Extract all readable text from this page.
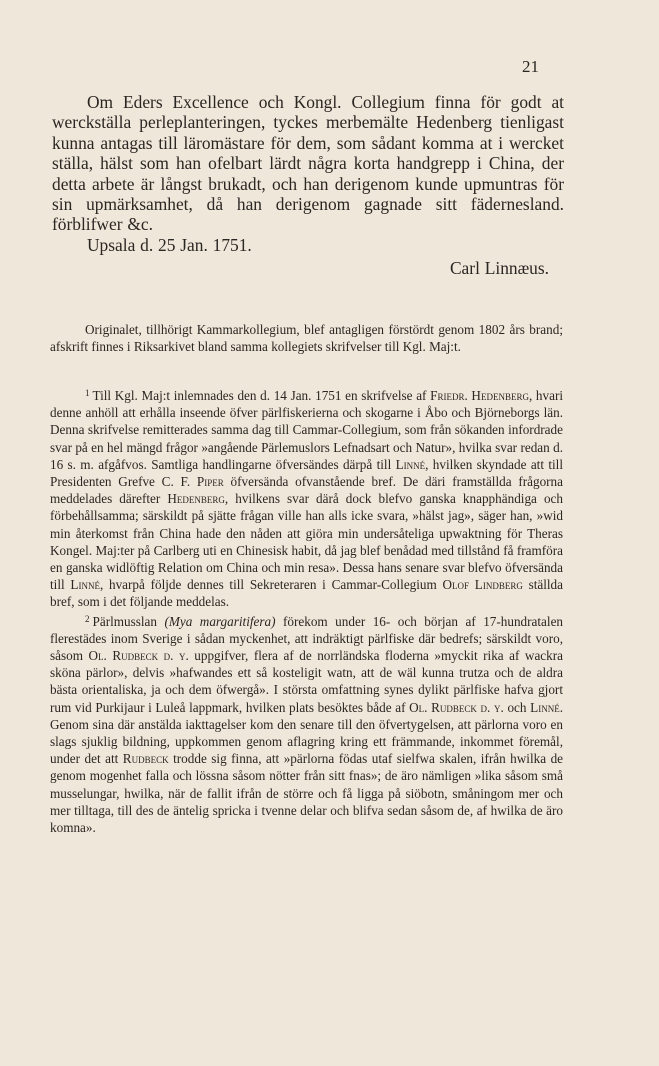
21

Om Eders Excellence och Kongl. Collegium finna för godt at werckställa perleplanteringen, tyckes merbemälte Hedenberg tienligast kunna antagas till läromästare för dem, som sådant komma at i wercket ställa, hälst som han ofelbart lärdt några korta handgrepp i China, der detta arbete är långst brukadt, och han derigenom kunde upmuntras för sin upmärksamhet, då han derigenom gagnade sitt fädernesland. förblifwer &c.

Upsala d. 25 Jan. 1751.

Carl Linnæus.

Originalet, tillhörigt Kammarkollegium, blef antagligen förstördt genom 1802 års brand; afskrift finnes i Riksarkivet bland samma kollegiets skrifvelser till Kgl. Maj:t.

$^1$ Till Kgl. Maj:t inlemnades den d. 14 Jan. 1751 en skrifvelse af Friedr. Hedenberg, hvari denne anhöll att erhålla inseende öfver pärlfiskerierna och skogarne i Åbo och Björneborgs län. Denna skrifvelse remitterades samma dag till Cammar-Collegium, som från sökanden infordrade svar på en hel mängd frågor »angående Pärlemuslors Lefnadsart och Natur», hvilka svar redan d. 16 s. m. afgåfvos. Samtliga handlingarne öfversändes därpå till Linné, hvilken skyndade att till Presidenten Grefve C. F. Piper öfversända ofvanstående bref. De däri framställda frågorna meddelades därefter Hedenberg, hvilkens svar därå dock blefvo ganska knapphändiga och förbehållsamma; särskildt på sjätte frågan ville han alls icke svara, »hälst jag», säger han, »wid min återkomst från China hade den nåden att giöra min undersåteliga upwaktning för Theras Kongel. Maj:ter på Carlberg uti en Chinesisk habit, då jag blef benådad med tillstånd få framföra en ganska widlöftig Relation om China och min resa». Dessa hans senare svar blefvo öfversända till Linné, hvarpå följde dennes till Sekreteraren i Cammar-Collegium Olof Lindberg ställda bref, som i det följande meddelas.

$^2$ Pärlmusslan (Mya margaritifera) förekom under 16- och början af 17-hundratalen flerestädes inom Sverige i sådan myckenhet, att indräktigt pärlfiske där bedrefs; särskildt voro, såsom Ol. Rudbeck d. y. uppgifver, flera af de norrländska floderna »myckit rika af wackra sköna pärlor», delvis »hafwandes ett så kosteligit watn, att de wäl kunna trutza och de aldra bästa orientaliska, ja och dem öfwergå». I största omfattning synes dylikt pärlfiske hafva gjort rum vid Purkijaur i Luleå lappmark, hvilken plats besöktes både af Ol. Rudbeck d. y. och Linné. Genom sina där anstälda iakttagelser kom den senare till den öfvertygelsen, att pärlorna voro en slags sjuklig bildning, uppkommen genom aflagring kring ett främmande, inkommet föremål, under det att Rudbeck trodde sig finna, att »pärlorna födas utaf sielfwa skalen, ifrån hwilka de genom mogenhet falla och lössna såsom nötter från sitt fnas»; de äro nämligen »lika såsom små musselungar, hwilka, när de fallit ifrån de större och få ligga på siöbotn, småningom mer och mer tilltaga, till des de äntelig spricka i tvenne delar och blifva sedan såsom de, af hwilka de äro komna».
